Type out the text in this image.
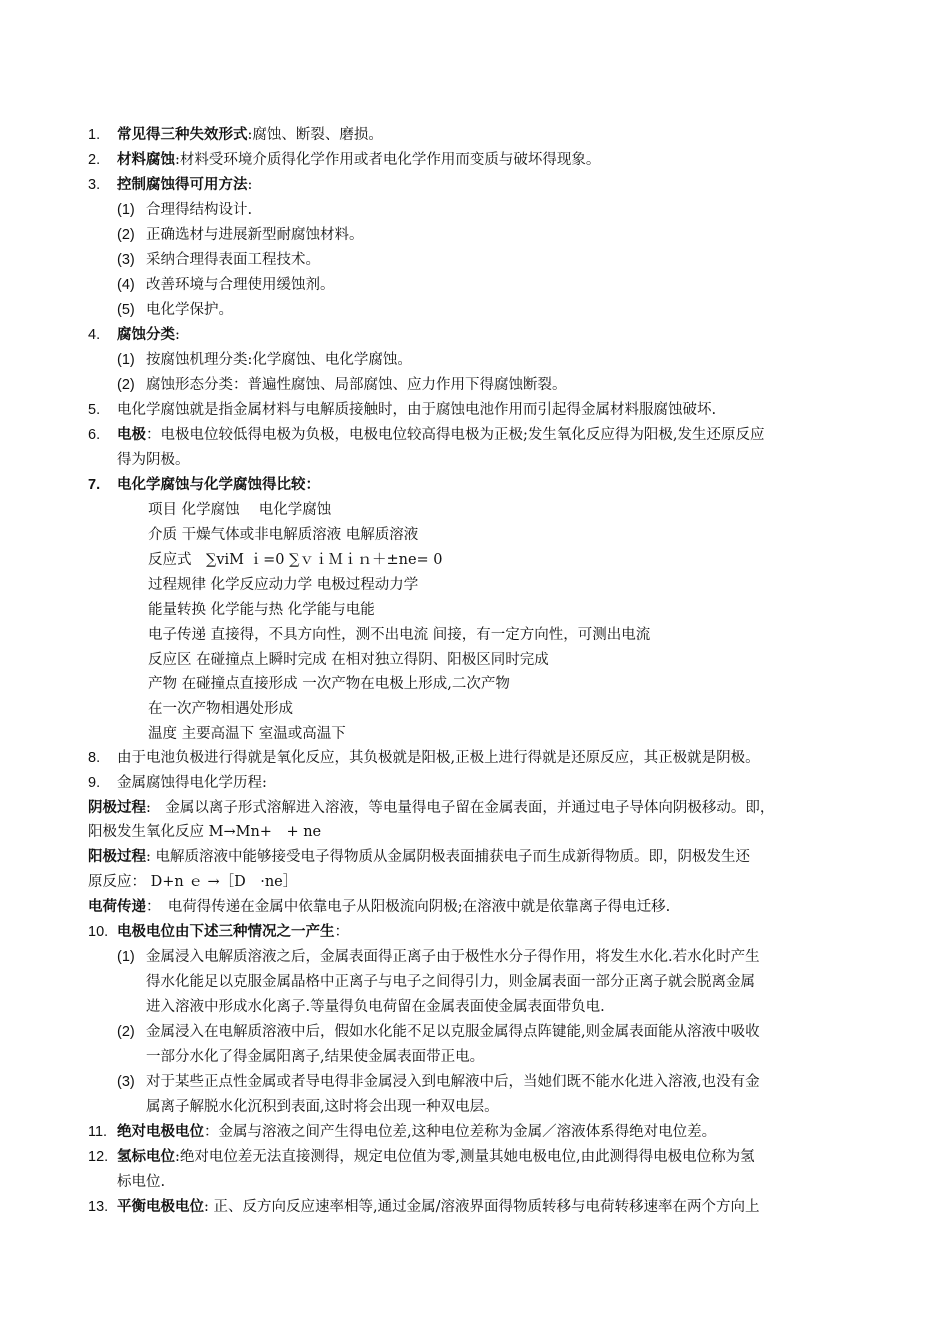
1. 常见得三种失效形式:腐蚀、断裂、磨损。
2. 材料腐蚀:材料受环境介质得化学作用或者电化学作用而变质与破坏得现象。
3. 控制腐蚀得可用方法:
(1) 合理得结构设计.
(2) 正确选材与进展新型耐腐蚀材料。
(3) 采纳合理得表面工程技术。
(4) 改善环境与合理使用缓蚀剂。
(5) 电化学保护。
4. 腐蚀分类:
(1) 按腐蚀机理分类:化学腐蚀、电化学腐蚀。
(2) 腐蚀形态分类：普遍性腐蚀、局部腐蚀、应力作用下得腐蚀断裂。
5. 电化学腐蚀就是指金属材料与电解质接触时，由于腐蚀电池作用而引起得金属材料服腐蚀破坏.
6. 电极：电极电位较低得电极为负极，电极电位较高得电极为正极;发生氧化反应得为阳极,发生还原反应
得为阴极。
7. 电化学腐蚀与化学腐蚀得比较：
项目 化学腐蚀　 电化学腐蚀
介质 干燥气体或非电解质溶液 电解质溶液
反应式　∑viM ｉ=0 ∑ｖｉＭｉｎ＋±ne= 0
过程规律 化学反应动力学 电极过程动力学
能量转换 化学能与热 化学能与电能
电子传递 直接得，不具方向性，测不出电流 间接，有一定方向性，可测出电流
反应区 在碰撞点上瞬时完成 在相对独立得阴、阳极区同时完成
产物 在碰撞点直接形成 一次产物在电极上形成,二次产物
在一次产物相遇处形成
温度 主要高温下 室温或高温下
8. 由于电池负极进行得就是氧化反应，其负极就是阳极,正极上进行得就是还原反应，其正极就是阴极。
9. 金属腐蚀得电化学历程:
阴极过程:　金属以离子形式溶解进入溶液，等电量得电子留在金属表面，并通过电子导体向阴极移动。即，
阳极发生氧化反应 M→Mn+　+ ne
阳极过程: 电解质溶液中能够接受电子得物质从金属阴极表面捕获电子而生成新得物质。即，阴极发生还
原反应： D+n ｅ →［D　·ne］
电荷传递：　电荷得传递在金属中依靠电子从阳极流向阴极;在溶液中就是依靠离子得电迁移.
10. 电极电位由下述三种情况之一产生：
(1) 金属浸入电解质溶液之后，金属表面得正离子由于极性水分子得作用，将发生水化.若水化时产生
得水化能足以克服金属晶格中正离子与电子之间得引力，则金属表面一部分正离子就会脱离金属
进入溶液中形成水化离子.等量得负电荷留在金属表面使金属表面带负电.
(2) 金属浸入在电解质溶液中后，假如水化能不足以克服金属得点阵键能,则金属表面能从溶液中吸收
一部分水化了得金属阳离子,结果使金属表面带正电。
(3) 对于某些正点性金属或者导电得非金属浸入到电解液中后，当她们既不能水化进入溶液,也没有金
属离子解脱水化沉积到表面,这时将会出现一种双电层。
11. 绝对电极电位：金属与溶液之间产生得电位差,这种电位差称为金属／溶液体系得绝对电位差。
12. 氢标电位:绝对电位差无法直接测得，规定电位值为零,测量其她电极电位,由此测得得电极电位称为氢
标电位.
13. 平衡电极电位: 正、反方向反应速率相等,通过金属/溶液界面得物质转移与电荷转移速率在两个方向上
